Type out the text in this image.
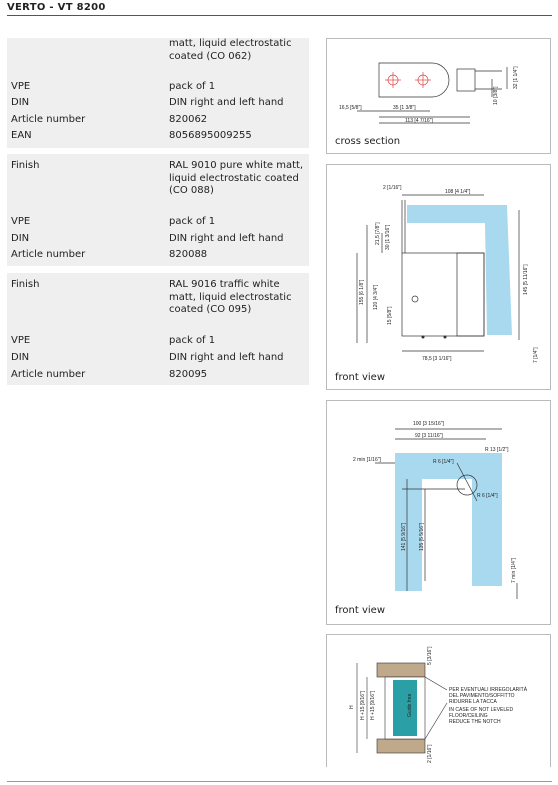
VERTO - VT 8200
matt, liquid electrostatic coated (CO 062)
VPE	pack of 1
DIN	DIN right and left hand
Article number	820062
EAN	8056895009255
Finish	RAL 9010 pure white matt, liquid electrostatic coated (CO 088)
VPE	pack of 1
DIN	DIN right and left hand
Article number	820088
Finish	RAL 9016 traffic white matt, liquid electrostatic coated (CO 095)
VPE	pack of 1
DIN	DIN right and left hand
Article number	820095
16,5 [5/8"]	35 [1 3/8"]
113 [4 7/16"]
10 [3/8"]
32 [1 1/4"]
cross section
2 [1/16"]
108 [4 1/4"]
21,5 [7/8"] 30 [1 3/16"]
155 [6 1/8"] 120 [4 3/4"]
15 [5/8"]
145 [5 11/16"]
78,5 [3 1/16"]	7 [1/4"]
front view
100 [3 15/16"]
92 [3 11/16"]
2 min [1/16"]	R 6 [1/4"]
R 13 [1/2"]
R 6 [1/4"]
141 [5 9/16"] 135 [5 5/16"]
7 min [1/4"]
front view
5 [3/16"]
H H +15 [9/16"] H +15 [9/16"]	Guide free
2 [1/16"]
PER EVENTUALI IRREGOLARITÀ
DEL PAVIMENTO/SOFFITTO
RIDURRE LA TACCA
IN CASE OF NOT LEVELED
FLOOR/CEILING
REDUCE THE NOTCH
